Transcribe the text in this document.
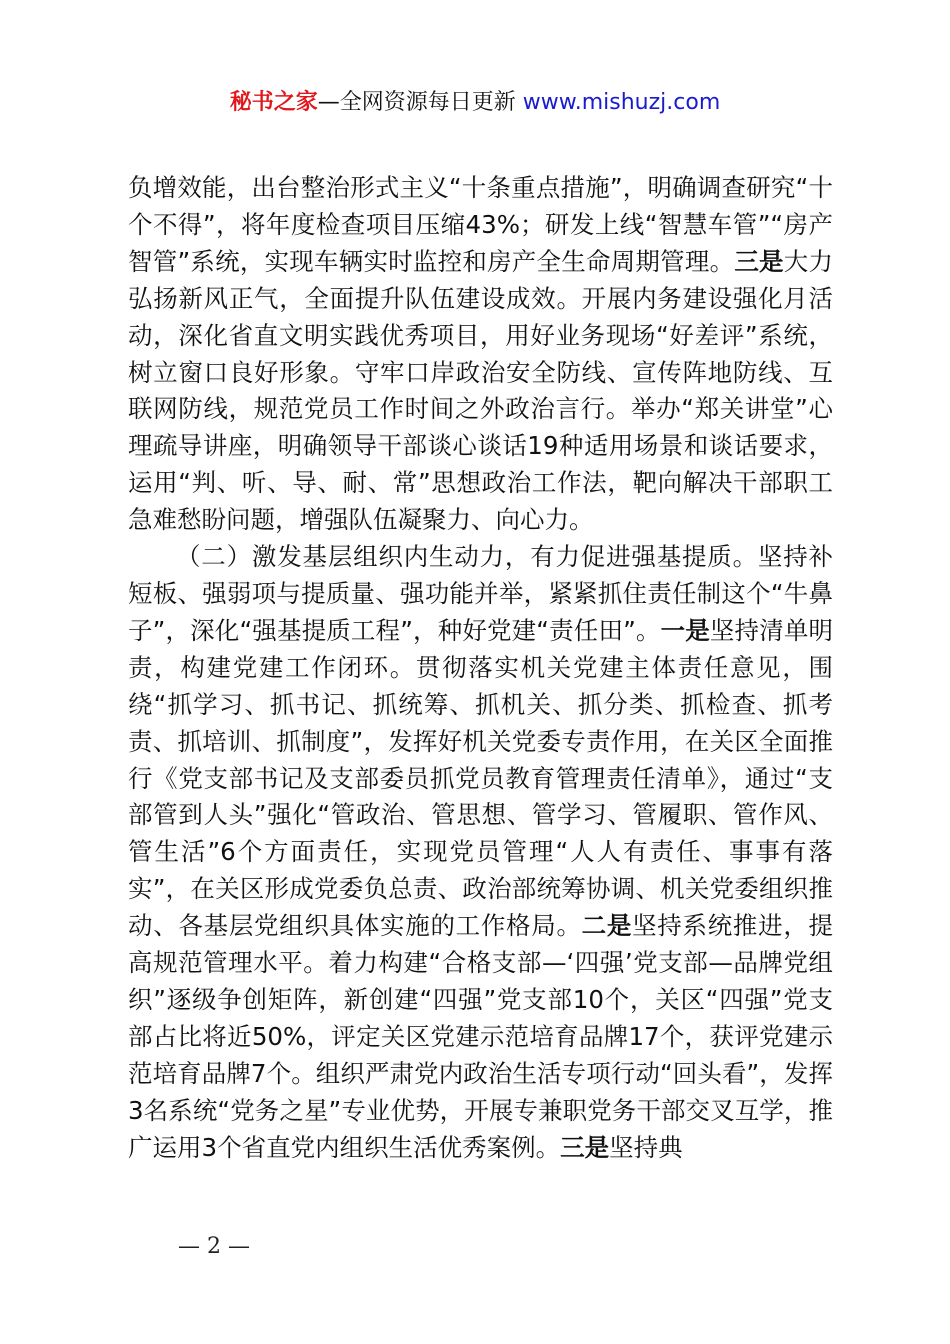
秘书之家—全网资源每日更新 www.mishuzj.com

负增效能，出台整治形式主义“十条重点措施”，明确调查研究“十个不得”，将年度检查项目压缩43%；研发上线“智慧车管”“房产智管”系统，实现车辆实时监控和房产全生命周期管理。三是大力弘扬新风正气，全面提升队伍建设成效。开展内务建设强化月活动，深化省直文明实践优秀项目，用好业务现场“好差评”系统，树立窗口良好形象。守牢口岸政治安全防线、宣传阵地防线、互联网防线，规范党员工作时间之外政治言行。举办“郑关讲堂”心理疏导讲座，明确领导干部谈心谈话19种适用场景和谈话要求，运用“判、听、导、耐、常”思想政治工作法，靶向解决干部职工急难愁盼问题，增强队伍凝聚力、向心力。

（二）激发基层组织内生动力，有力促进强基提质。坚持补短板、强弱项与提质量、强功能并举，紧紧抓住责任制这个“牛鼻子”，深化“强基提质工程”，种好党建“责任田”。一是坚持清单明责，构建党建工作闭环。贯彻落实机关党建主体责任意见，围绕“抓学习、抓书记、抓统筹、抓机关、抓分类、抓检查、抓考责、抓培训、抓制度”，发挥好机关党委专责作用，在关区全面推行《党支部书记及支部委员抓党员教育管理责任清单》，通过“支部管到人头”强化“管政治、管思想、管学习、管履职、管作风、管生活”6个方面责任，实现党员管理“人人有责任、事事有落实”，在关区形成党委负总责、政治部统筹协调、机关党委组织推动、各基层党组织具体实施的工作格局。二是坚持系统推进，提高规范管理水平。着力构建“合格支部—‘四强’党支部—品牌党组织”逐级争创矩阵，新创建“四强”党支部10个，关区“四强”党支部占比将近50%，评定关区党建示范培育品牌17个，获评党建示范培育品牌7个。组织严肃党内政治生活专项行动“回头看”，发挥3名系统“党务之星”专业优势，开展专兼职党务干部交叉互学，推广运用3个省直党内组织生活优秀案例。三是坚持典

— 2 —
